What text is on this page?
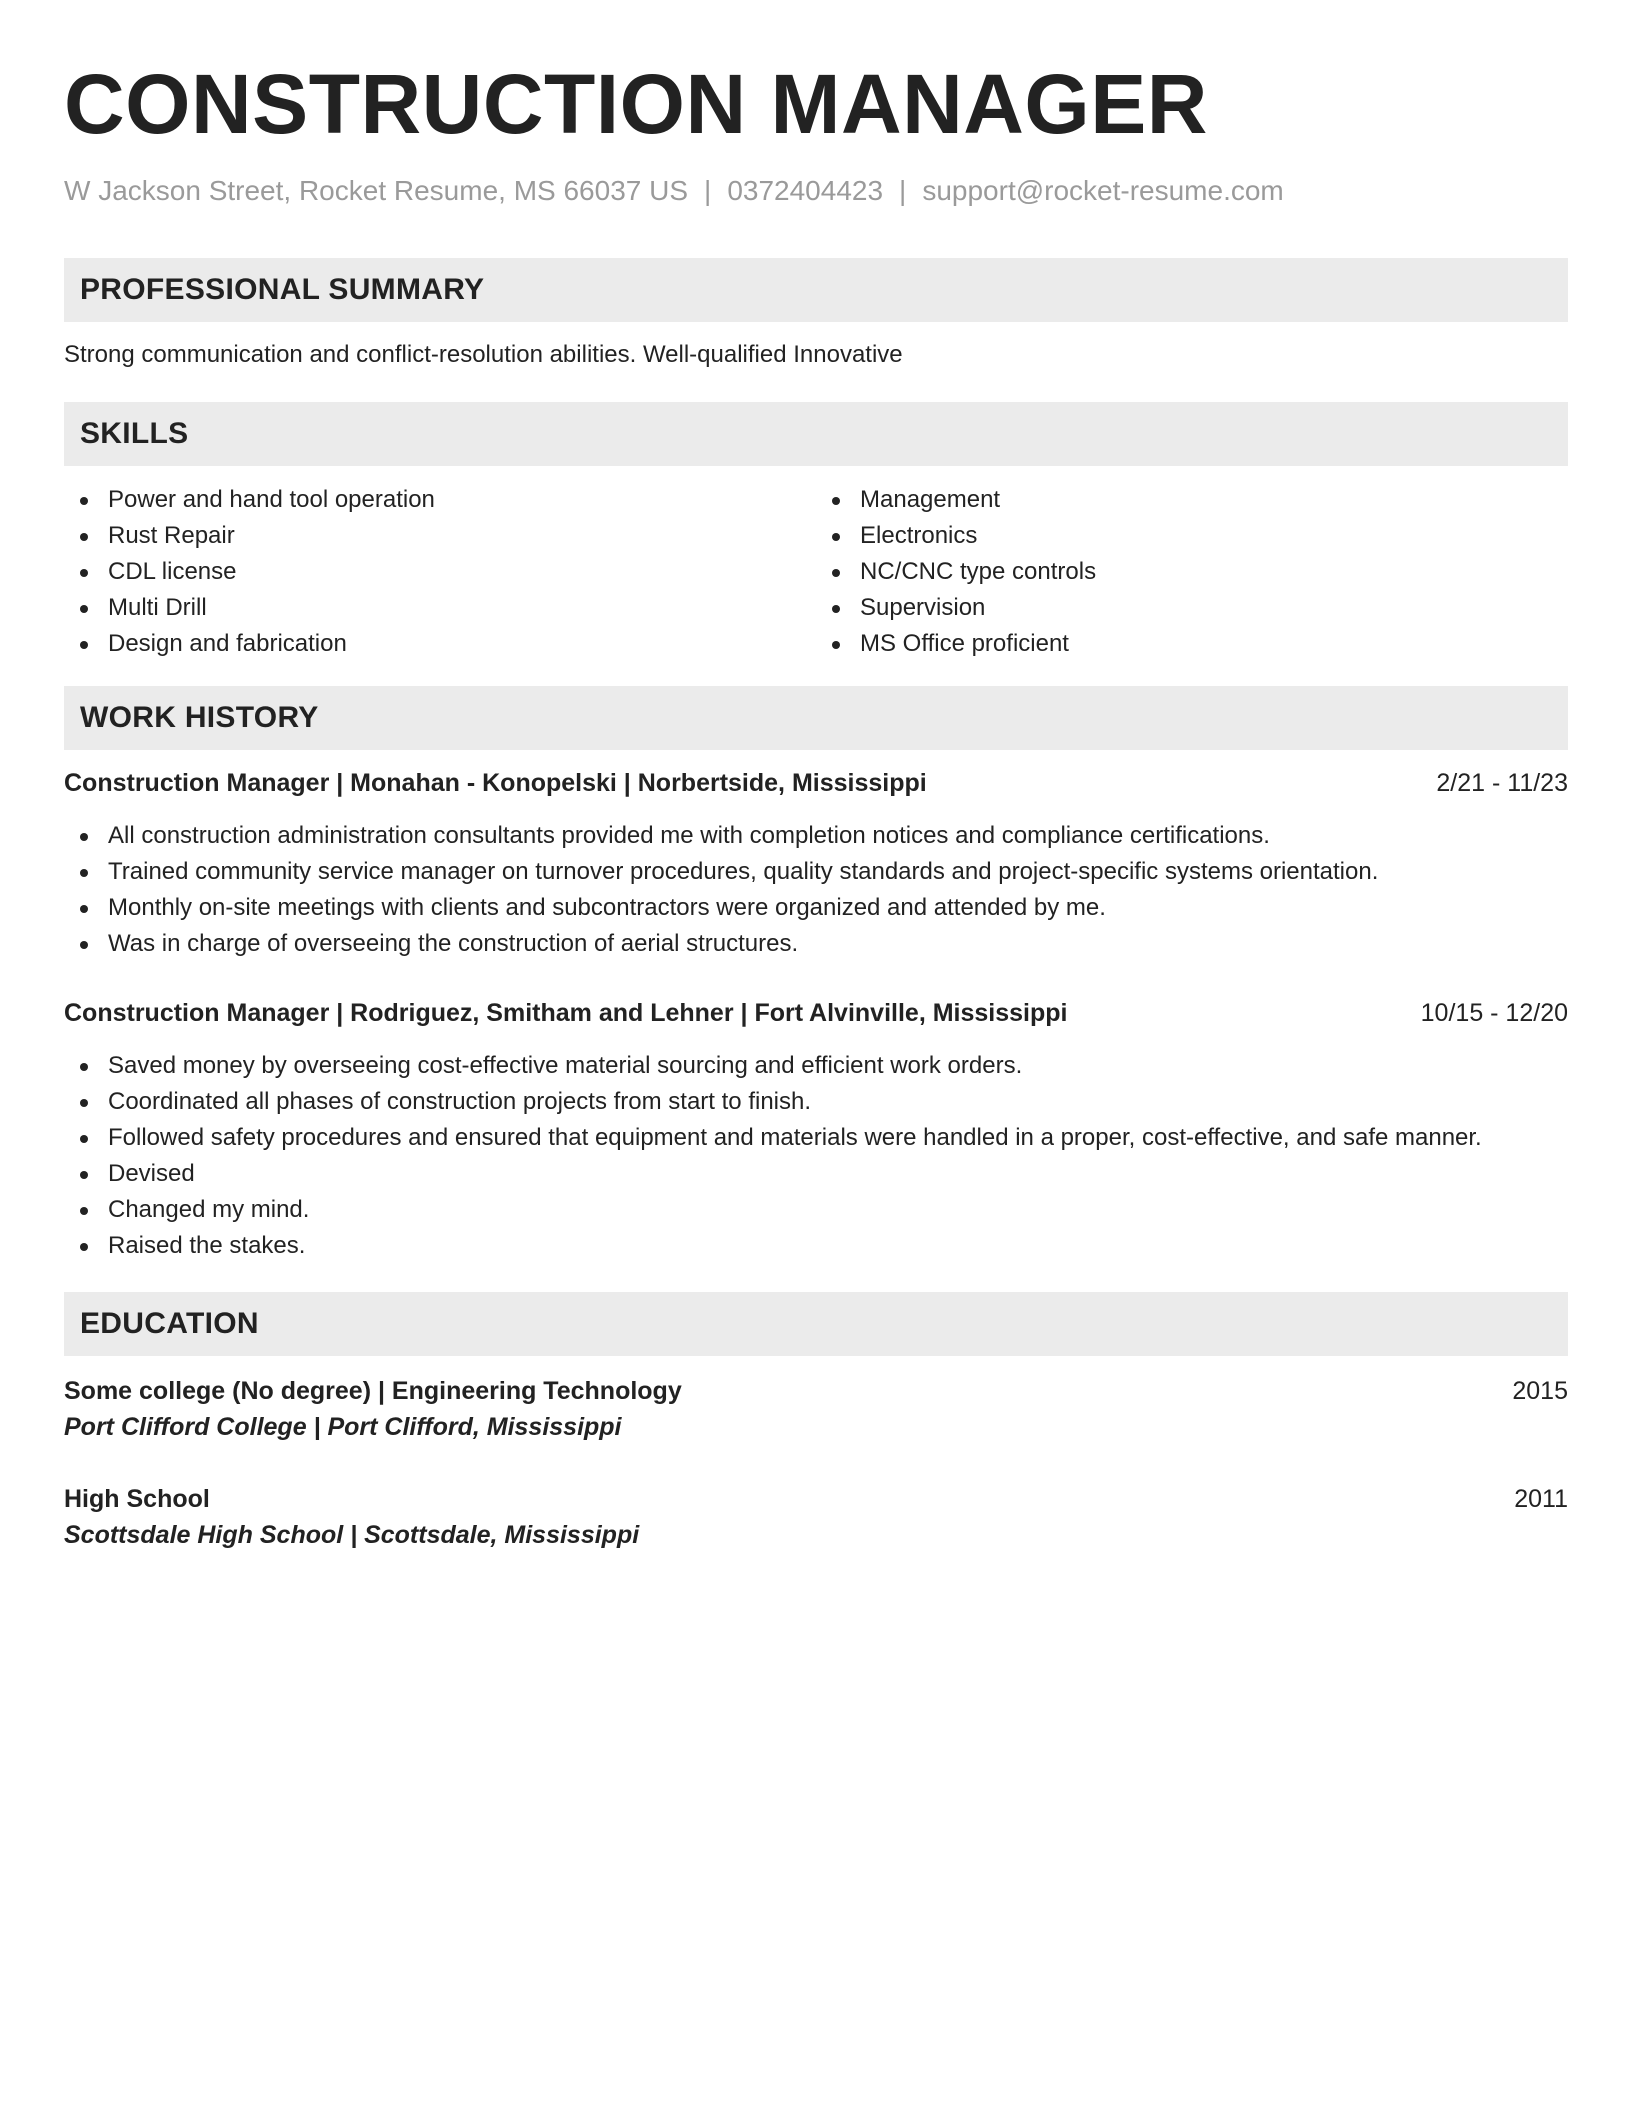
CONSTRUCTION MANAGER
W Jackson Street, Rocket Resume, MS 66037 US | 0372404423 | support@rocket-resume.com
PROFESSIONAL SUMMARY
Strong communication and conflict-resolution abilities. Well-qualified Innovative
SKILLS
Power and hand tool operation
Rust Repair
CDL license
Multi Drill
Design and fabrication
Management
Electronics
NC/CNC type controls
Supervision
MS Office proficient
WORK HISTORY
Construction Manager | Monahan - Konopelski | Norbertside, Mississippi	2/21 - 11/23
All construction administration consultants provided me with completion notices and compliance certifications.
Trained community service manager on turnover procedures, quality standards and project-specific systems orientation.
Monthly on-site meetings with clients and subcontractors were organized and attended by me.
Was in charge of overseeing the construction of aerial structures.
Construction Manager | Rodriguez, Smitham and Lehner | Fort Alvinville, Mississippi	10/15 - 12/20
Saved money by overseeing cost-effective material sourcing and efficient work orders.
Coordinated all phases of construction projects from start to finish.
Followed safety procedures and ensured that equipment and materials were handled in a proper, cost-effective, and safe manner.
Devised
Changed my mind.
Raised the stakes.
EDUCATION
Some college (No degree) | Engineering Technology	2015
Port Clifford College | Port Clifford, Mississippi
High School	2011
Scottsdale High School | Scottsdale, Mississippi
